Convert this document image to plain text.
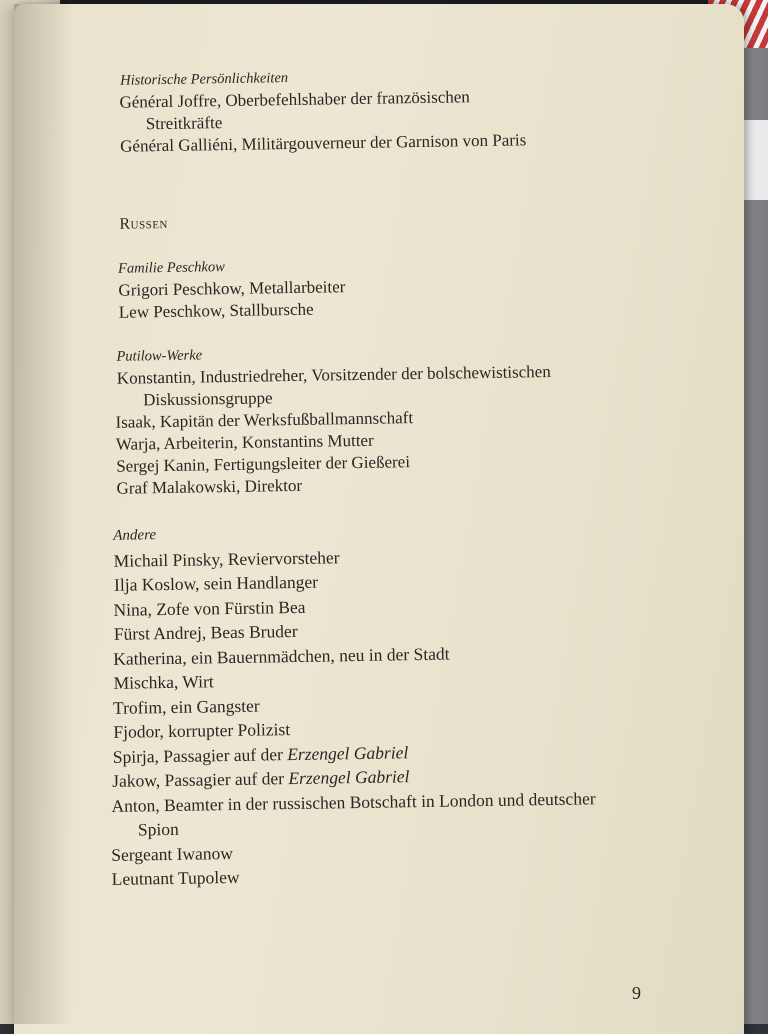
Historische Persönlichkeiten
Général Joffre, Oberbefehlshaber der französischen
Streitkräfte
Général Galliéni, Militärgouverneur der Garnison von Paris
Russen
Familie Peschkow
Grigori Peschkow, Metallarbeiter
Lew Peschkow, Stallbursche
Putilow-Werke
Konstantin, Industriedreher, Vorsitzender der bolschewistischen
Diskussionsgruppe
Isaak, Kapitän der Werksfußballmannschaft
Warja, Arbeiterin, Konstantins Mutter
Sergej Kanin, Fertigungsleiter der Gießerei
Graf Malakowski, Direktor
Andere
Michail Pinsky, Reviervorsteher
Ilja Koslow, sein Handlanger
Nina, Zofe von Fürstin Bea
Fürst Andrej, Beas Bruder
Katherina, ein Bauernmädchen, neu in der Stadt
Mischka, Wirt
Trofim, ein Gangster
Fjodor, korrupter Polizist
Spirja, Passagier auf der Erzengel Gabriel
Jakow, Passagier auf der Erzengel Gabriel
Anton, Beamter in der russischen Botschaft in London und deutscher
Spion
Sergeant Iwanow
Leutnant Tupolew
9
